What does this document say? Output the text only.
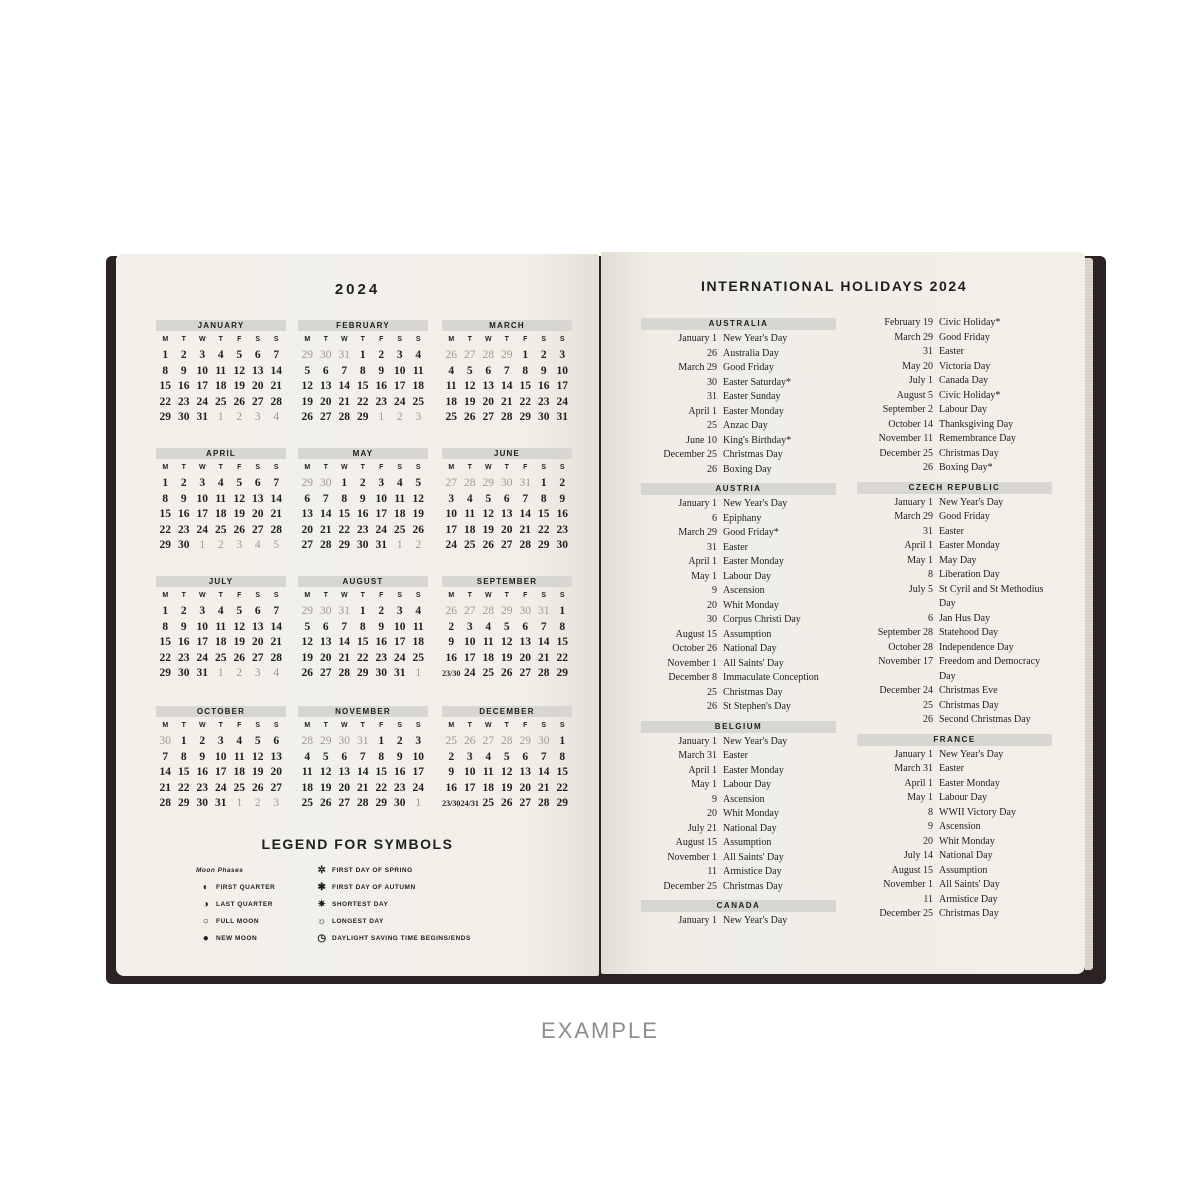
2024
JANUARY
M	T	W	T	F	S	S
1	2	3	4	5	6	7
8	9 10 11 12 13 14
15 16 17 18 19 20 21
22 23 24 25 26 27 28
29 30 31 1	2	3	4
FEBRUARY
M	T	W	T	F	S	S
29 30 31 1	2	3	4
5	6	7	8	9 10 11
12 13 14 15 16 17 18
19 20 21 22 23 24 25
26 27 28 29 1	2	3
MARCH
M	T	W	T	F	S	S
26 27 28 29 1	2	3
4	5	6	7	8	9 10
11 12 13 14 15 16 17
18 19 20 21 22 23 24
25 26 27 28 29 30 31
APRIL
M	T	W	T	F	S	S
1	2	3	4	5	6	7
8	9 10 11 12 13 14
15 16 17 18 19 20 21
22 23 24 25 26 27 28
29 30 1	2	3	4	5
MAY
M	T	W	T	F	S	S
29 30 1	2	3	4	5
6	7	8	9 10 11 12
13 14 15 16 17 18 19
20 21 22 23 24 25 26
27 28 29 30 31 1	2
JUNE
M	T	W	T	F	S	S
27 28 29 30 31 1	2
3	4	5	6	7	8	9
10 11 12 13 14 15 16
17 18 19 20 21 22 23
24 25 26 27 28 29 30
JULY
M	T	W	T	F	S	S
1	2	3	4	5	6	7
8	9 10 11 12 13 14
15 16 17 18 19 20 21
22 23 24 25 26 27 28
29 30 31 1	2	3	4
AUGUST
M	T	W	T	F	S	S
29 30 31 1	2	3	4
5	6	7	8	9 10 11
12 13 14 15 16 17 18
19 20 21 22 23 24 25
26 27 28 29 30 31 1
SEPTEMBER
M	T	W	T	F	S	S
26 27 28 29 30 31 1
2	3	4	5	6	7	8
9 10 11 12 13 14 15
16 17 18 19 20 21 22
23/30 24 25 26 27 28 29
OCTOBER
M	T	W	T	F	S	S
30 1	2	3	4	5	6
7	8	9 10 11 12 13
14 15 16 17 18 19 20
21 22 23 24 25 26 27
28 29 30 31 1	2	3
NOVEMBER
M	T	W	T	F	S	S
28 29 30 31 1	2	3
4	5	6	7	8	9 10
11 12 13 14 15 16 17
18 19 20 21 22 23 24
25 26 27 28 29 30 1
DECEMBER
M	T	W	T	F	S	S
25 26 27 28 29 30 1
2	3	4	5	6	7	8
9 10 11 12 13 14 15
16 17 18 19 20 21 22
23/30 24/31 25 26 27 28 29
LEGEND FOR SYMBOLS
Moon Phases
◐	FIRST QUARTER
◑	LAST QUARTER
○	FULL MOON
●	NEW MOON
✲ FIRST DAY OF SPRING
✱ FIRST DAY OF AUTUMN
✷ SHORTEST DAY
☼ LONGEST DAY
◷ DAYLIGHT SAVING TIME BEGINS/ENDS
INTERNATIONAL HOLIDAYS 2024
AUSTRALIA
January 1 New Year's Day
26 Australia Day
March 29 Good Friday
30 Easter Saturday*
31 Easter Sunday
April 1 Easter Monday
25 Anzac Day
June 10 King's Birthday*
December 25 Christmas Day
26 Boxing Day
AUSTRIA
January 1 New Year's Day
6 Epiphany
March 29 Good Friday*
31 Easter
April 1 Easter Monday
May 1 Labour Day
9 Ascension
20 Whit Monday
30 Corpus Christi Day
August 15 Assumption
October 26 National Day
November 1 All Saints' Day
December 8 Immaculate Conception
25 Christmas Day
26 St Stephen's Day
BELGIUM
January 1 New Year's Day
March 31 Easter
April 1 Easter Monday
May 1 Labour Day
9 Ascension
20 Whit Monday
July 21 National Day
August 15 Assumption
November 1 All Saints' Day
11 Armistice Day
December 25 Christmas Day
CANADA
January 1 New Year's Day
February 19 Civic Holiday*
March 29 Good Friday
31 Easter
May 20 Victoria Day
July 1 Canada Day
August 5 Civic Holiday*
September 2 Labour Day
October 14 Thanksgiving Day
November 11 Remembrance Day
December 25 Christmas Day
26 Boxing Day*
CZECH REPUBLIC
January 1 New Year's Day
March 29 Good Friday
31 Easter
April 1 Easter Monday
May 1 May Day
8 Liberation Day
July 5 St Cyril and St Methodius Day
6 Jan Hus Day
September 28 Statehood Day
October 28 Independence Day
November 17 Freedom and Democracy Day
December 24 Christmas Eve
25 Christmas Day
26 Second Christmas Day
FRANCE
January 1 New Year's Day
March 31 Easter
April 1 Easter Monday
May 1 Labour Day
8 WWII Victory Day
9 Ascension
20 Whit Monday
July 14 National Day
August 15 Assumption
November 1 All Saints' Day
11 Armistice Day
December 25 Christmas Day
EXAMPLE
